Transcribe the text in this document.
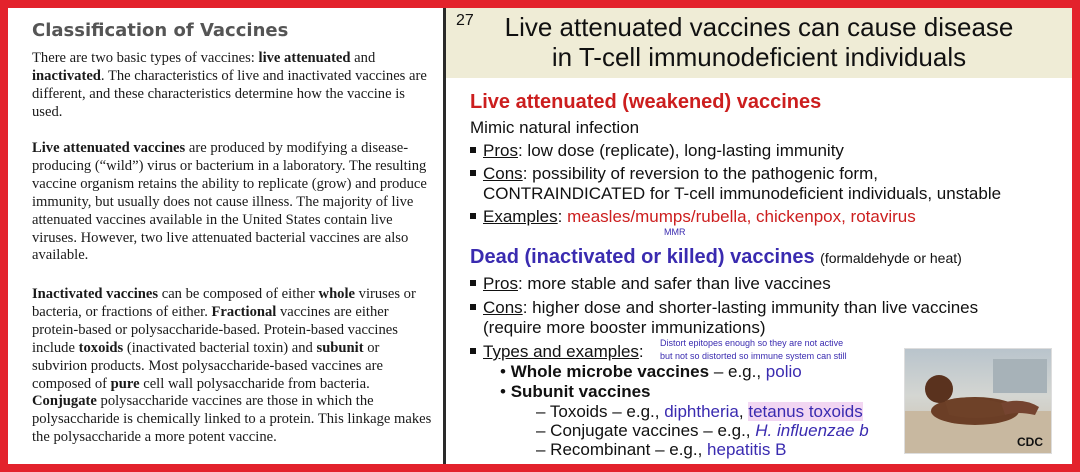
Classification of Vaccines

There are two basic types of vaccines: live attenuated and inactivated. The characteristics of live and inactivated vaccines are different, and these characteristics determine how the vaccine is used.

Live attenuated vaccines are produced by modifying a disease-producing (“wild”) virus or bacterium in a laboratory. The resulting vaccine organism retains the ability to replicate (grow) and produce immunity, but usually does not cause illness. The majority of live attenuated vaccines available in the United States contain live viruses. However, two live attenuated bacterial vaccines are also available.

Inactivated vaccines can be composed of either whole viruses or bacteria, or fractions of either. Fractional vaccines are either protein-based or polysaccharide-based. Protein-based vaccines include toxoids (inactivated bacterial toxin) and subunit or subvirion products. Most polysaccharide-based vaccines are composed of pure cell wall polysaccharide from bacteria. Conjugate polysaccharide vaccines are those in which the polysaccharide is chemically linked to a protein. This linkage makes the polysaccharide a more potent vaccine.

27	Live attenuated vaccines can cause disease
in T-cell immunodeficient individuals
Live attenuated (weakened) vaccines
Mimic natural infection
Pros: low dose (replicate), long-lasting immunity
Cons: possibility of reversion to the pathogenic form,
CONTRAINDICATED for T-cell immunodeficient individuals, unstable
Examples: measles/mumps/rubella, chickenpox, rotavirus
MMR
Dead (inactivated or killed) vaccines (formaldehyde or heat)
Pros: more stable and safer than live vaccines
Cons: higher dose and shorter-lasting immunity than live vaccines
(require more booster immunizations)
Types and examples: Distort epitopes enough so they are not active
but not so distorted so immune system can still
• Whole microbe vaccines – e.g., polio
• Subunit vaccines
– Toxoids – e.g., diphtheria, tetanus toxoids
– Conjugate vaccines – e.g., H. influenzae b
– Recombinant – e.g., hepatitis B	CDC
